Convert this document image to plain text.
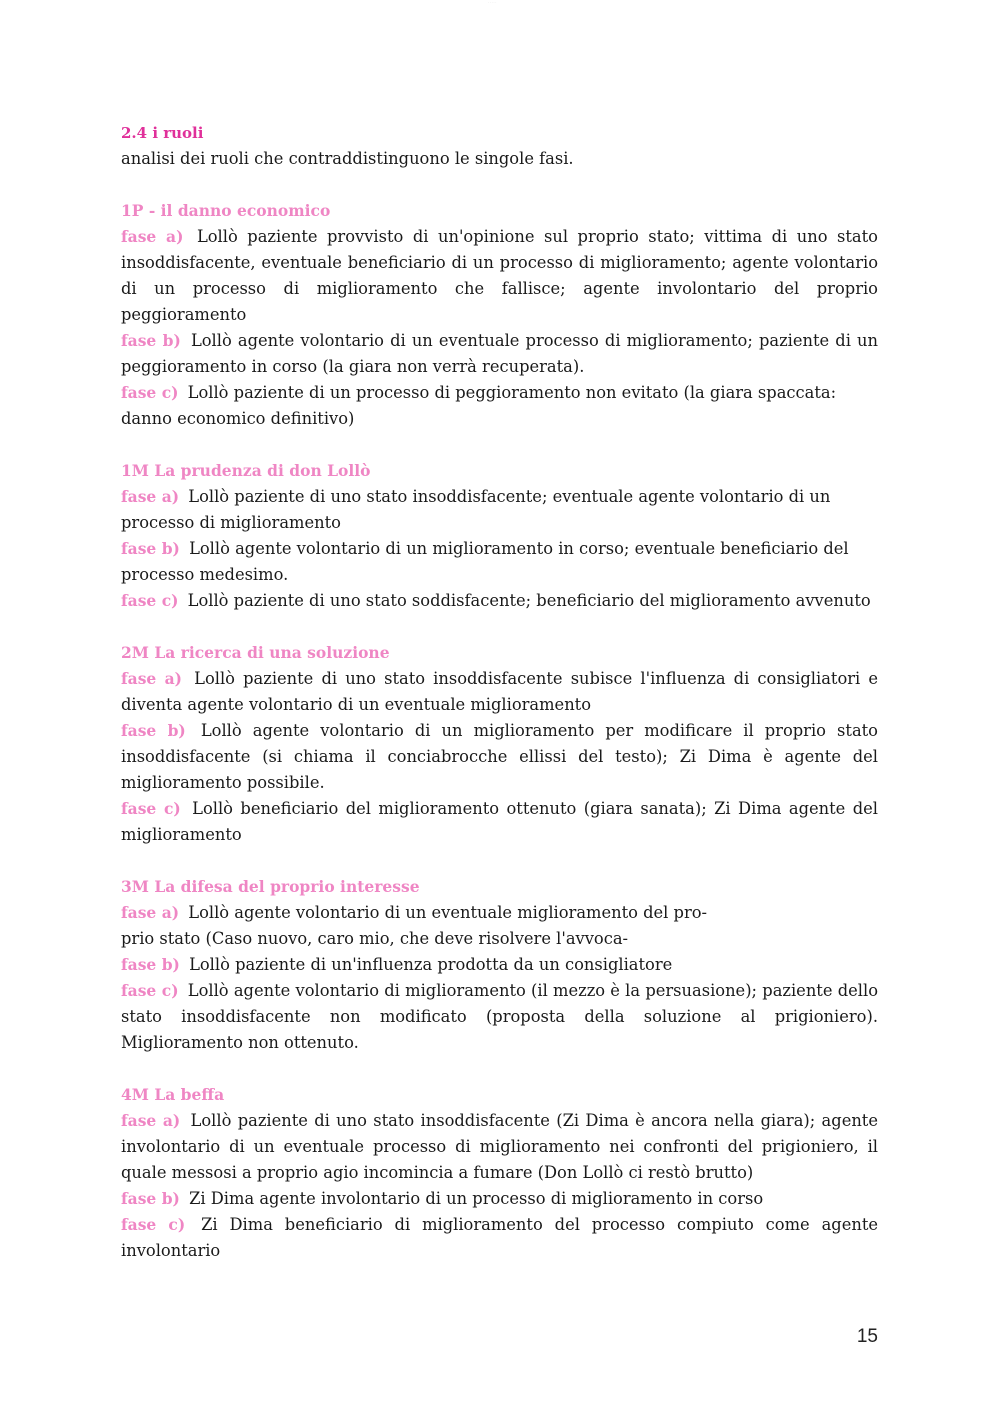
· · · · ·
2.4 i ruoli

analisi dei ruoli che contraddistinguono le singole fasi.

1P - il danno economico

fase a) Lollò paziente provvisto di un'opinione sul proprio stato; vittima di uno stato insoddisfacente, eventuale beneficiario di un processo di miglioramento; agente volontario di un processo di miglioramento che fallisce; agente involontario del proprio peggioramento

fase b) Lollò agente volontario di un eventuale processo di miglioramento; paziente di un peggioramento in corso (la giara non verrà recuperata).

fase c) Lollò paziente di un processo di peggioramento non evitato (la giara spaccata: danno economico definitivo)

1M La prudenza di don Lollò

fase a) Lollò paziente di uno stato insoddisfacente; eventuale agente volontario di un processo di miglioramento

fase b) Lollò agente volontario di un miglioramento in corso; eventuale beneficiario del processo medesimo.

fase c) Lollò paziente di uno stato soddisfacente; beneficiario del miglioramento avvenuto

2M La ricerca di una soluzione

fase a) Lollò paziente di uno stato insoddisfacente subisce l'influenza di consigliatori e diventa agente volontario di un eventuale miglioramento

fase b) Lollò agente volontario di un miglioramento per modificare il proprio stato insoddisfacente (si chiama il conciabrocche ellissi del testo); Zi Dima è agente del miglioramento possibile.

fase c) Lollò beneficiario del miglioramento ottenuto (giara sanata); Zi Dima agente del miglioramento

3M La difesa del proprio interesse

fase a) Lollò agente volontario di un eventuale miglioramento del pro-

prio stato (Caso nuovo, caro mio, che deve risolvere l'avvoca-

fase b) Lollò paziente di un'influenza prodotta da un consigliatore

fase c) Lollò agente volontario di miglioramento (il mezzo è la persuasione); paziente dello stato insoddisfacente non modificato (proposta della soluzione al prigioniero). Miglioramento non ottenuto.

4M La beffa

fase a) Lollò paziente di uno stato insoddisfacente (Zi Dima è ancora nella giara); agente involontario di un eventuale processo di miglioramento nei confronti del prigioniero, il quale messosi a proprio agio incomincia a fumare (Don Lollò ci restò brutto)

fase b) Zi Dima agente involontario di un processo di miglioramento in corso

fase c) Zi Dima beneficiario di miglioramento del processo compiuto come agente involontario

15
